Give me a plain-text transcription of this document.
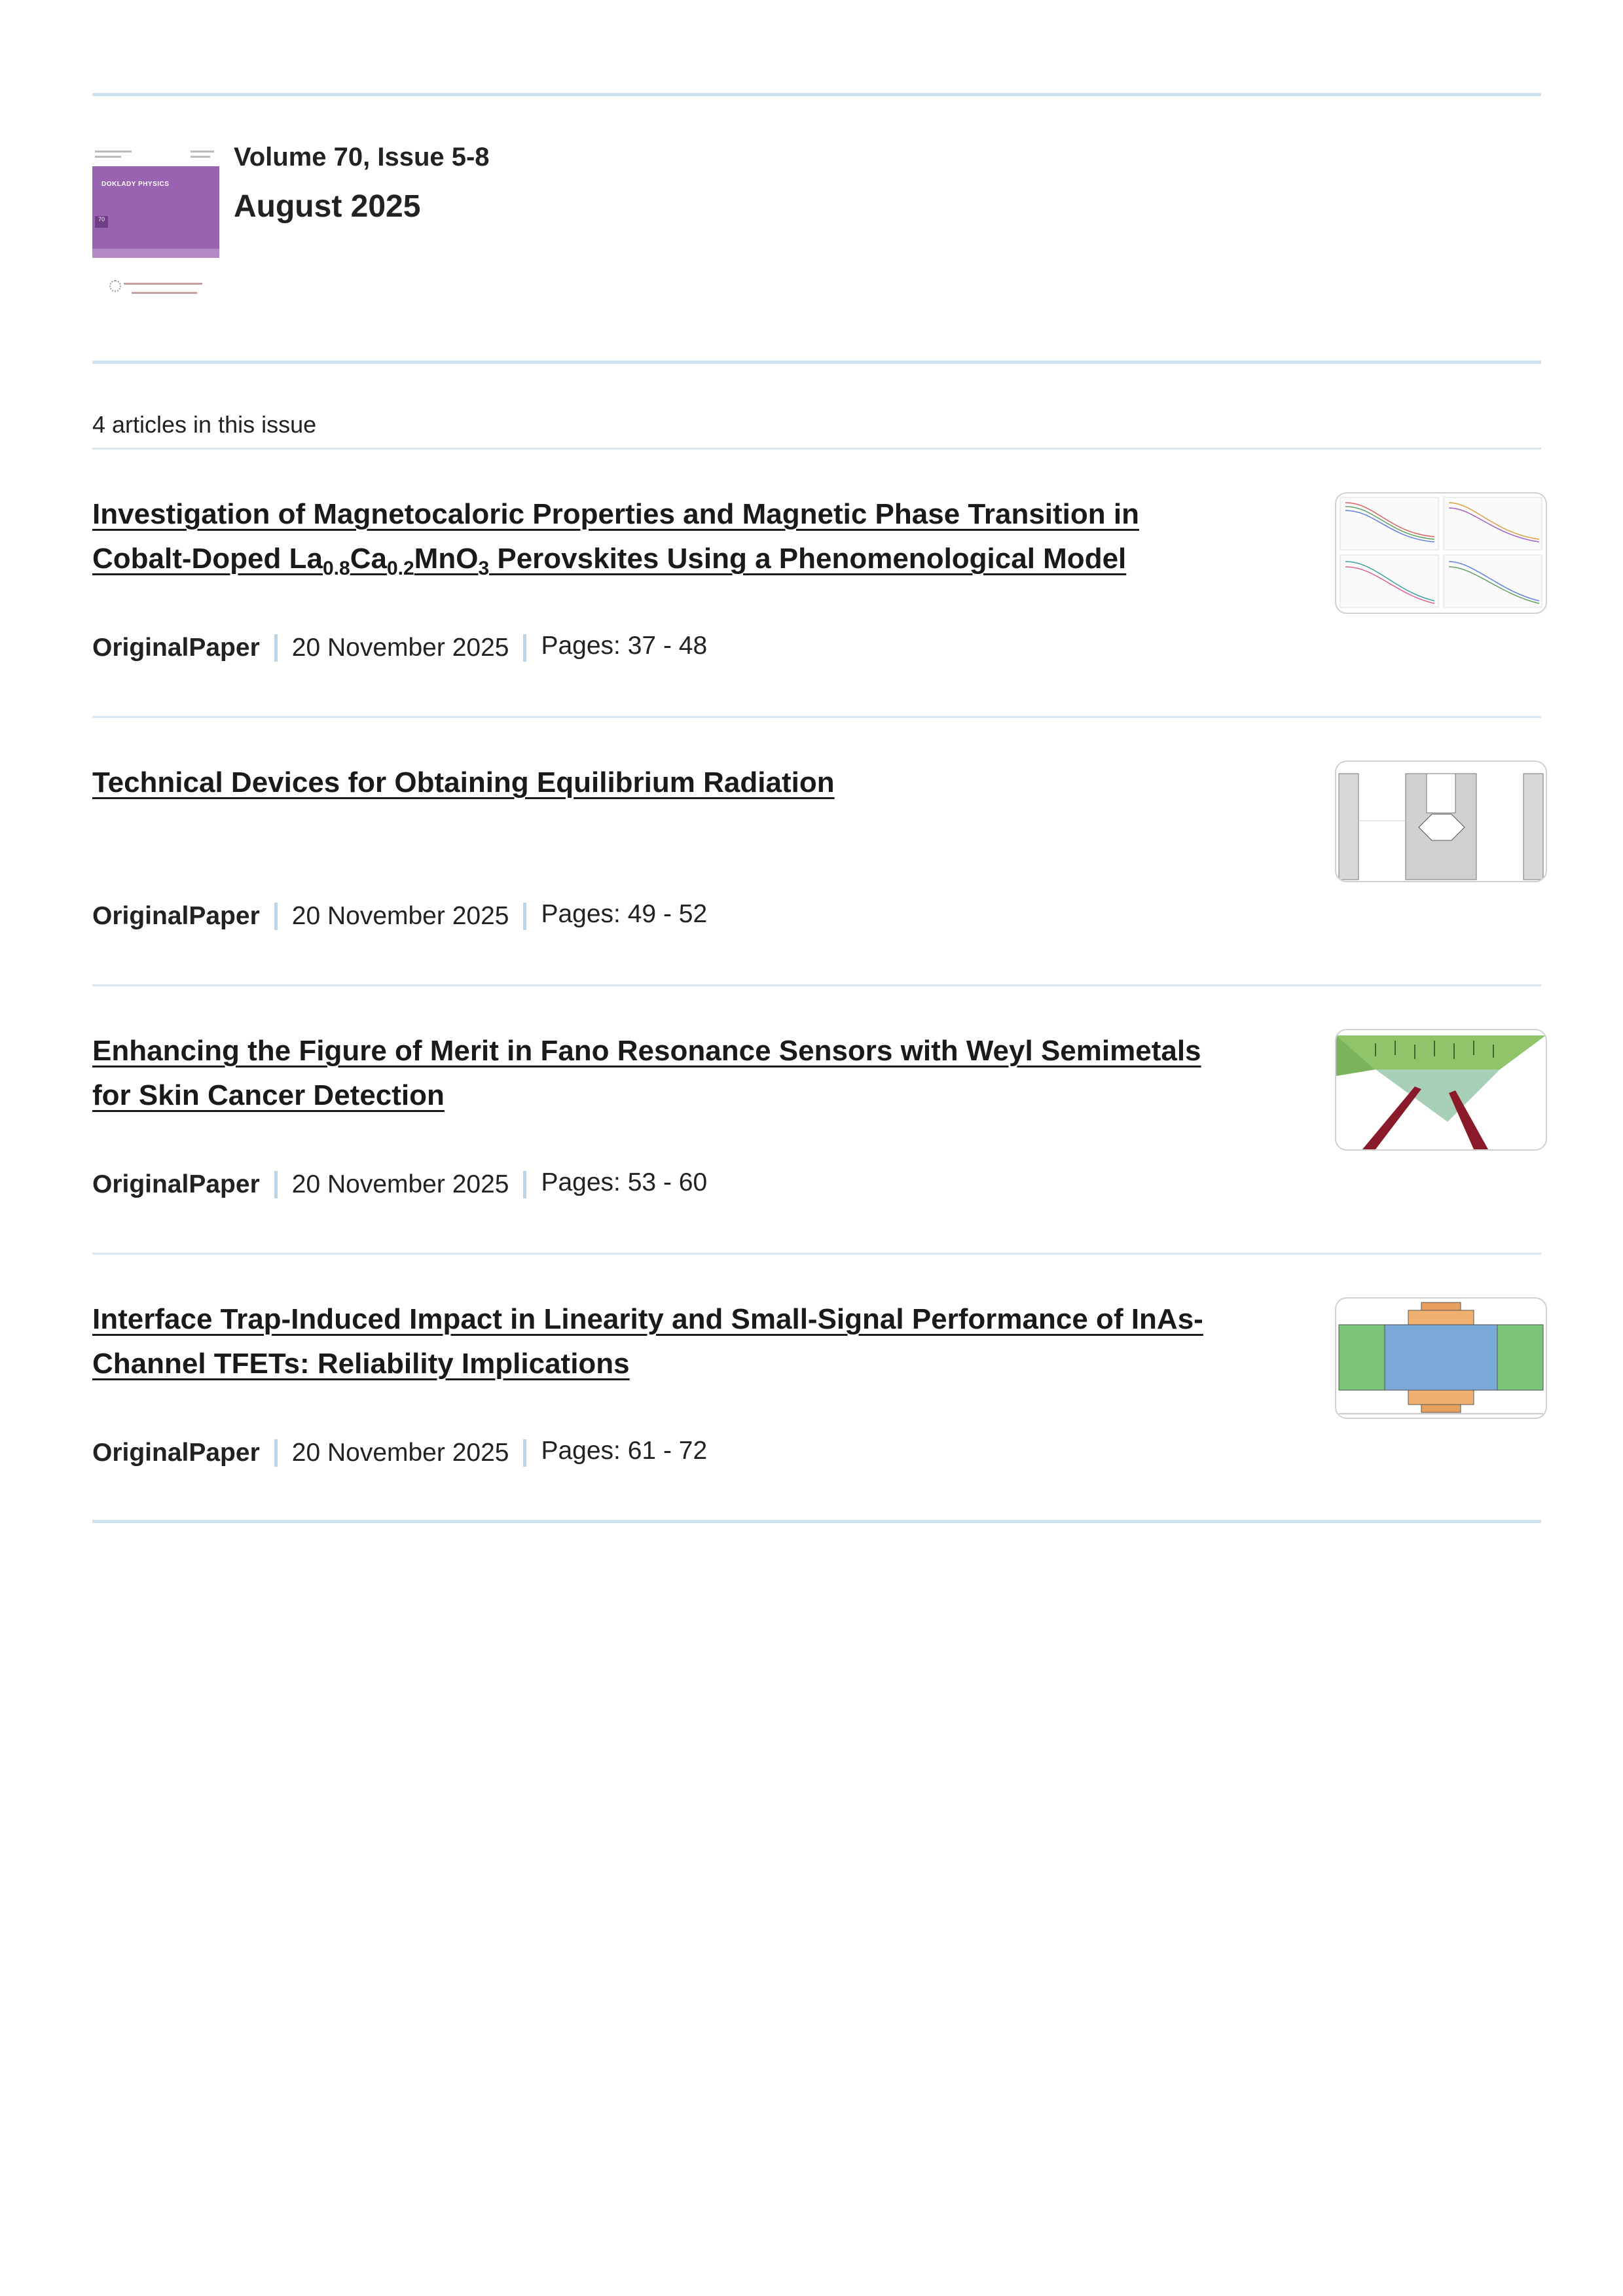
DOKLADY PHYSICS
70
Volume 70, Issue 5-8
August 2025
4 articles in this issue

Investigation of Magnetocaloric Properties and Magnetic Phase Transition in Cobalt-Doped $La_{0.8}Ca_{0.2}MnO_3$ Perovskites Using a Phenomenological Model

OriginalPaper 20 November 2025 Pages: 37 - 48

Technical Devices for Obtaining Equilibrium Radiation

OriginalPaper 20 November 2025 Pages: 49 - 52

Enhancing the Figure of Merit in Fano Resonance Sensors with Weyl Semimetals for Skin Cancer Detection

OriginalPaper 20 November 2025 Pages: 53 - 60

Interface Trap-Induced Impact in Linearity and Small-Signal Performance of InAs-Channel TFETs: Reliability Implications

OriginalPaper 20 November 2025 Pages: 61 - 72
